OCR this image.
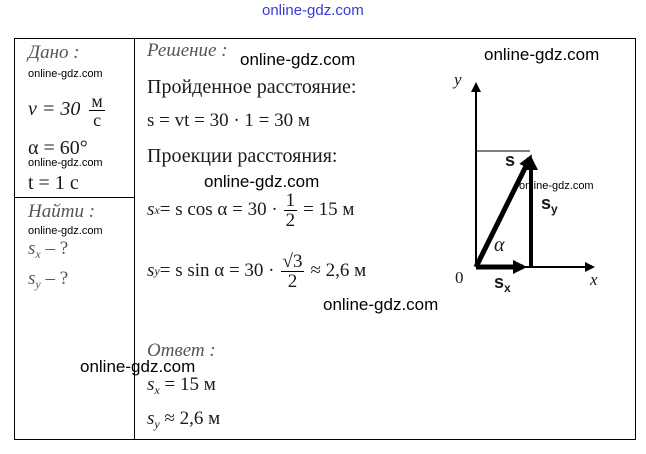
online-gdz.com
Дано :
online-gdz.com
$v = 30 \frac{м}{с}$
α = 60°
online-gdz.com
t = 1 с
Найти :
online-gdz.com
$s_x$ – ?
$s_y$ – ?
Решение : online-gdz.com	online-gdz.com
Пройденное расстояние:
s = vt = 30 · 1 = 30 м
Проекции расстояния:
online-gdz.com
s x = s $\cos \alpha = 30 \cdot \frac{1}{2} = 15$ м
s y = s $\sin \alpha = 30 \cdot \frac{√3}{2} \approx 2,6$ м
online-gdz.com
Ответ :
online-gdz.com
$s_x = 15$ м
$s_y \approx 2,6$ м
y
x
0
s
online-gdz.com
$s_y$
α
$s_x$
